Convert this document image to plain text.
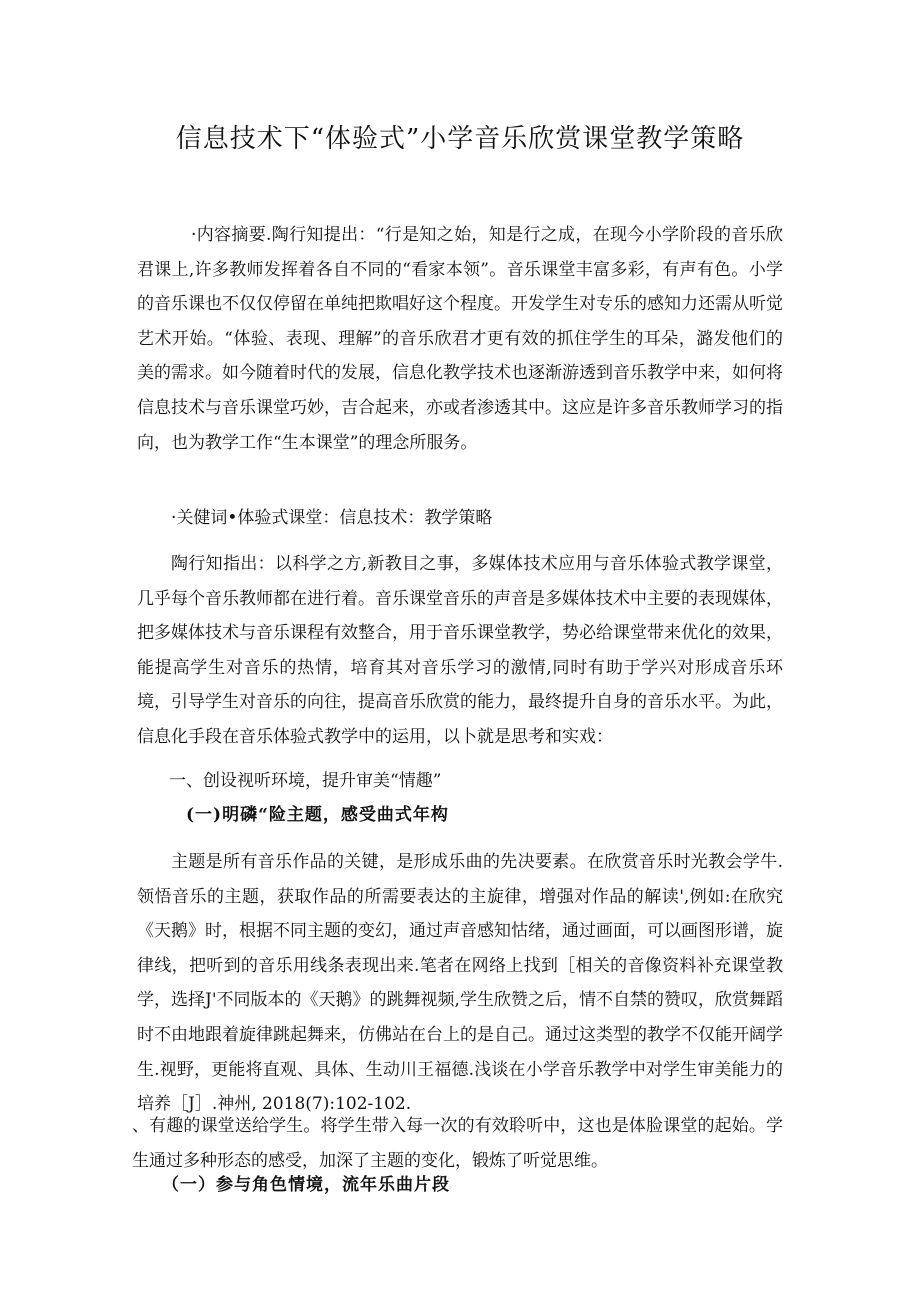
信息技术下“体验式”小学音乐欣赏课堂教学策略

·内容摘要.陶行知提出：“行是知之始，知是行之成，在现今小学阶段的音乐欣君课上,许多教师发挥着各自不同的“看家本领”。音乐课堂丰富多彩，有声有色。小学的音乐课也不仅仅停留在单纯把欺唱好这个程度。开发学生对专乐的感知力还需从听觉艺术开始。“体验、表现、理解”的音乐欣君才更有效的抓住学生的耳朵，潞发他们的美的需求。如今随着时代的发展，信息化教学技术也逐渐游透到音乐教学中来，如何将信息技术与音乐课堂巧妙，吉合起来，亦或者渗透其中。这应是许多音乐教师学习的指向，也为教学工作“生本课堂”的理念所服务。

·关健词•体验式课堂：信息技术：教学策略

陶行知指出：以科学之方,新教目之事，多媒体技术应用与音乐体验式教学课堂，几乎每个音乐教师都在进行着。音乐课堂音乐的声音是多媒体技术中主要的表现媒体，把多媒体技术与音乐课程有效整合，用于音乐课堂教学，势必给课堂带来优化的效果，能提高学生对音乐的热情，培育其对音乐学习的激情,同时有助于学兴对形成音乐环境，引导学生对音乐的向往，提高音乐欣赏的能力，最终提升自身的音乐水平。为此，信息化手段在音乐体验式教学中的运用，以卜就是思考和实戏：

一、创设视听环境，提升审美“情趣”

(一)明磷“险主题，感受曲式年构

主题是所有音乐作品的关键，是形成乐曲的先决要素。在欣赏音乐时光教会学牛.领悟音乐的主题，获取作品的所需要表达的主旋律，增强对作品的解读',例如:在欣究《天鹅》时，根据不同主题的变幻，通过声音感知怙绪，通过画面，可以画图形谱，旋律线，把听到的音乐用线条表现出来.笔者在网络上找到［相关的音像资料补充课堂教学，选择J'不同版本的《天鹅》的跳舞视频,学生欣赞之后，情不自禁的赞叹，欣赏舞蹈时不由地跟着旋律跳起舞来，仿佛站在台上的是自己。通过这类型的教学不仅能开阔学生.视野，更能将直观、具体、生动川王福德.浅谈在小学音乐教学中对学生审美能力的培养［J］.神州, 2018(7):102-102.

、有趣的课堂送给学生。将学生带入每一次的有效聆听中，这也是体脸课堂的起始。学生通过多种形态的感受，加深了主题的变化，锻炼了听觉思维。

（一）参与角色情境，流年乐曲片段
